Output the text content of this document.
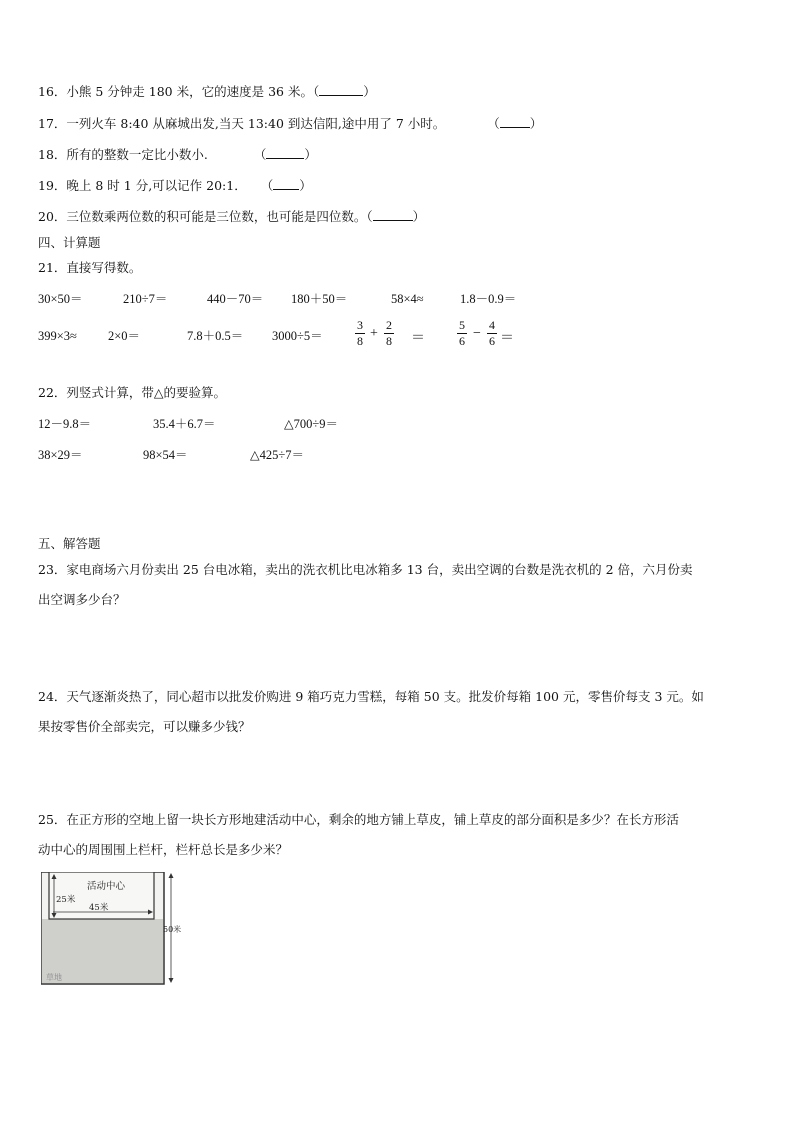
16．小熊 5 分钟走 180 米，它的速度是 36 米。（	）
17．一列火车 8:40 从麻城出发,当天 13:40 到达信阳,途中用了 7 小时。	（ ）
18．所有的整数一定比小数小.	（	）
19．晚上 8 时 1 分,可以记作 20:1． （ ）
20．三位数乘两位数的积可能是三位数，也可能是四位数。（	）
四、计算题
21．直接写得数。
30×50＝	210÷7＝	440－70＝ 180＋50＝	58×4≈	1.8－0.9＝
399×3≈ 2×0＝	7.8＋0.5＝ 3000÷5＝
3
8 +
2
8 ＝
5
6 −
4
6 ＝
22．列竖式计算，带△的要验算。
12－9.8＝	35.4＋6.7＝	△700÷9＝
38×29＝	98×54＝	△425÷7＝
五、解答题
23．家电商场六月份卖出 25 台电冰箱，卖出的洗衣机比电冰箱多 13 台，卖出空调的台数是洗衣机的 2 倍，六月份卖
出空调多少台？
24．天气逐渐炎热了，同心超市以批发价购进 9 箱巧克力雪糕，每箱 50 支。批发价每箱 100 元，零售价每支 3 元。如
果按零售价全部卖完，可以赚多少钱？
25．在正方形的空地上留一块长方形地建活动中心，剩余的地方铺上草皮，铺上草皮的部分面积是多少？在长方形活
动中心的周围围上栏杆，栏杆总长是多少米？
活动中心
25米
45米
50米
草地
